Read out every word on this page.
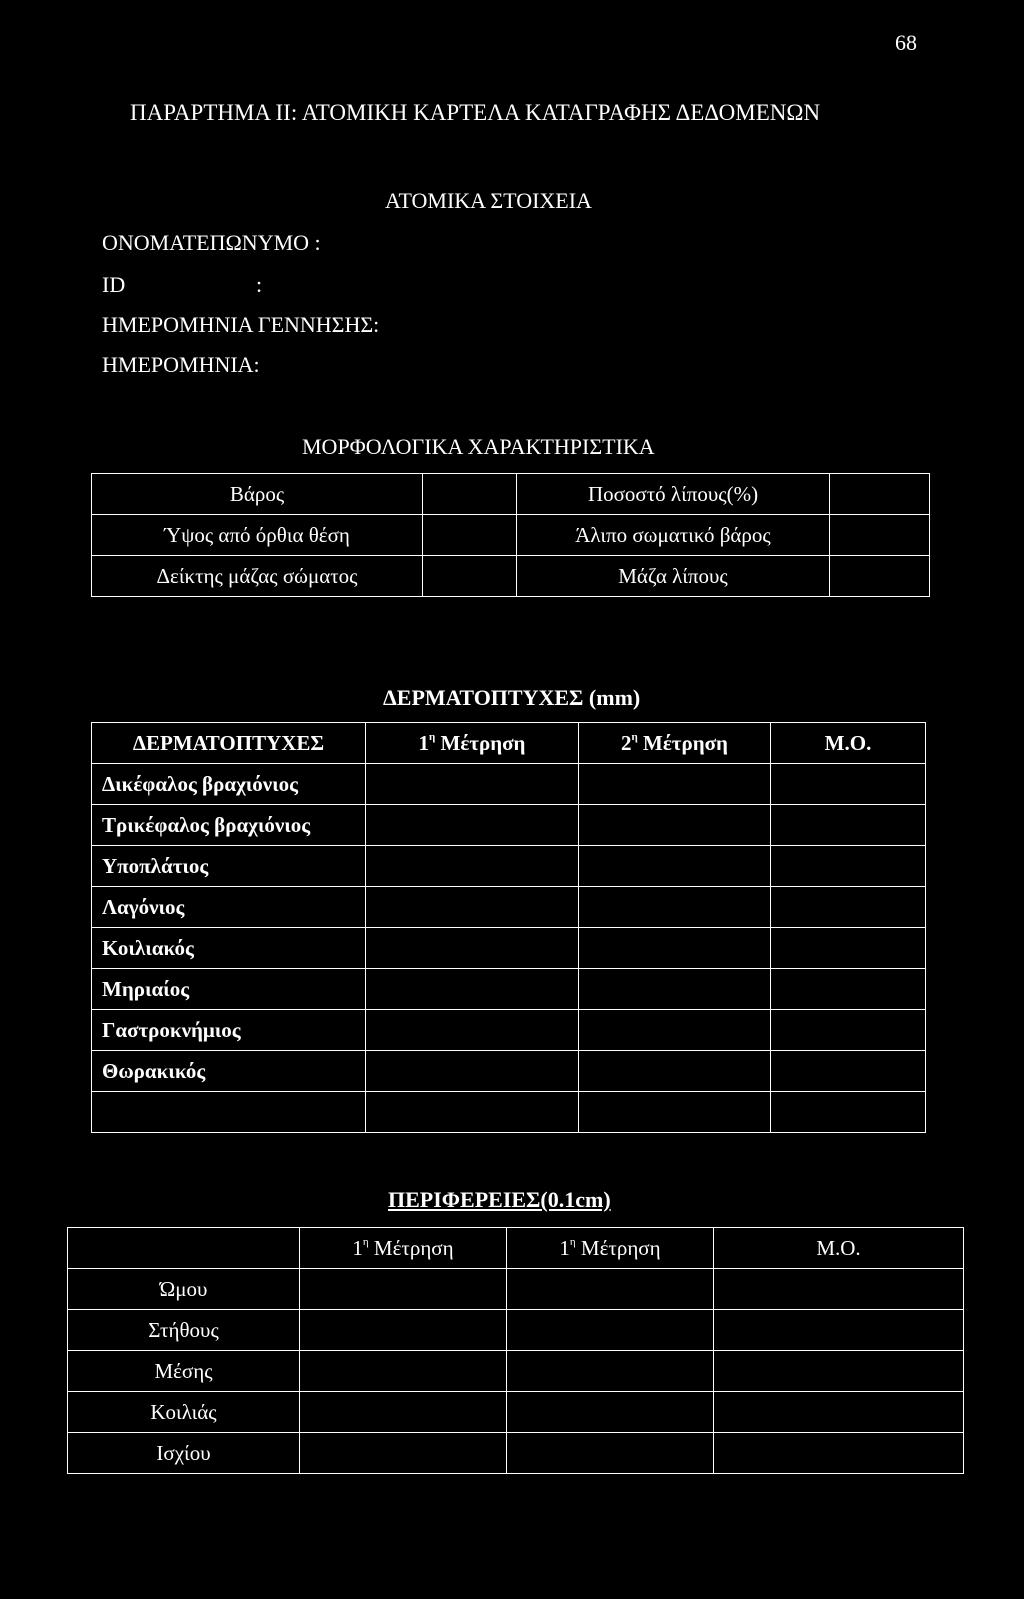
68
ΠΑΡΑΡΤΗΜΑ ΙΙ: ΑΤΟΜΙΚΗ ΚΑΡΤΕΛΑ ΚΑΤΑΓΡΑΦΗΣ ΔΕΔΟΜΕΝΩΝ
ΑΤΟΜΙΚΑ ΣΤΟΙΧΕΙΑ
ΟΝΟΜΑΤΕΠΩΝΥΜΟ :
ID	:
ΗΜΕΡΟΜΗΝΙΑ ΓΕΝΝΗΣΗΣ:
ΗΜΕΡΟΜΗΝΙΑ:
ΜΟΡΦΟΛΟΓΙΚΑ ΧΑΡΑΚΤΗΡΙΣΤΙΚΑ
Βάρος		Ποσοστό λίπους(%)	
Ύψος από όρθια θέση		Άλιπο σωματικό βάρος	
Δείκτης μάζας σώματος		Μάζα λίπους	
ΔΕΡΜΑΤΟΠΤΥΧΕΣ (mm)
ΔΕΡΜΑΤΟΠΤΥΧΕΣ	$1^\eta$ Μέτρηση	$2^\eta$ Μέτρηση	Μ.Ο.
Δικέφαλος βραχιόνιος			
Τρικέφαλος βραχιόνιος			
Υποπλάτιος			
Λαγόνιος			
Κοιλιακός			
Μηριαίος			
Γαστροκνήμιος			
Θωρακικός			

ΠΕΡΙΦΕΡΕΙΕΣ(0.1cm)
	$1^\eta$ Μέτρηση	$1^\eta$ Μέτρηση	Μ.Ο.
Ώμου			
Στήθους			
Μέσης			
Κοιλιάς			
Ισχίου			
